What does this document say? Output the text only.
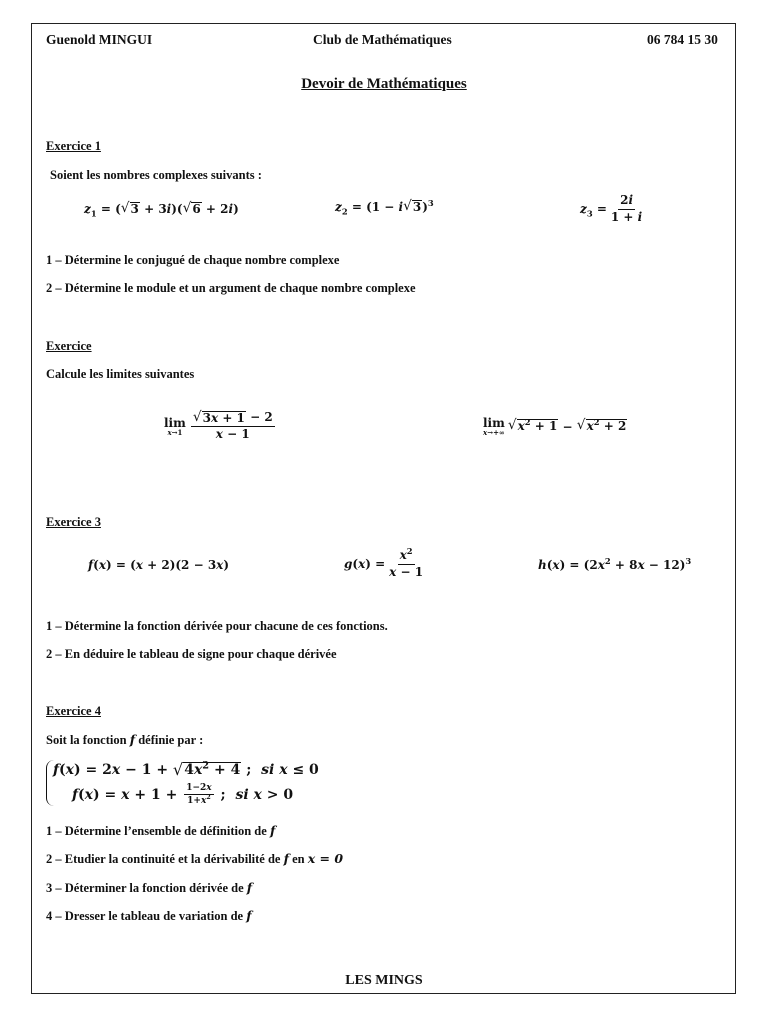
Guenold MINGUI	Club de Mathématiques	06 784 15 30
Devoir de Mathématiques
Exercice 1
Soient les nombres complexes suivants :
$z_1$ = ( √ 3 + 3i)( √ 6 + 2i)	$z_2 = (1 - i$ √ 3 )$^3$	$z_3 = \frac{2i}{1 + i}$
1 – Détermine le conjugué de chaque nombre complexe
2 – Détermine le module et un argument de chaque nombre complexe
Exercice
Calcule les limites suivantes
lim
$x\to 1 \frac{√ 3x + 1 - 2}{x - 1}$	lim
x→+∞ √ $x^2 + 1$ − √ $x^2 + 2$
Exercice 3
f(x) = (x + 2)(2 − 3x)	$g(x) = \frac{x^2}{x - 1}$	$h(x) = (2x^2 + 8x - 12)^3$
1 – Détermine la fonction dérivée pour chacune de ces fonctions.
2 – En déduire le tableau de signe pour chaque dérivée
Exercice 4
Soit la fonction f définie par :
f(x) = 2x − 1 + √ $4x^2 + 4$ ;  si x ≤ 0
$f(x) = x + 1 + \frac{1-2x}{1+x^2}$ ;  si x > 0
1 – Détermine l’ensemble de définition de f
2 – Etudier la continuité et la dérivabilité de f en x = 0
3 – Déterminer la fonction dérivée de f
4 – Dresser le tableau de variation de f
LES MINGS
